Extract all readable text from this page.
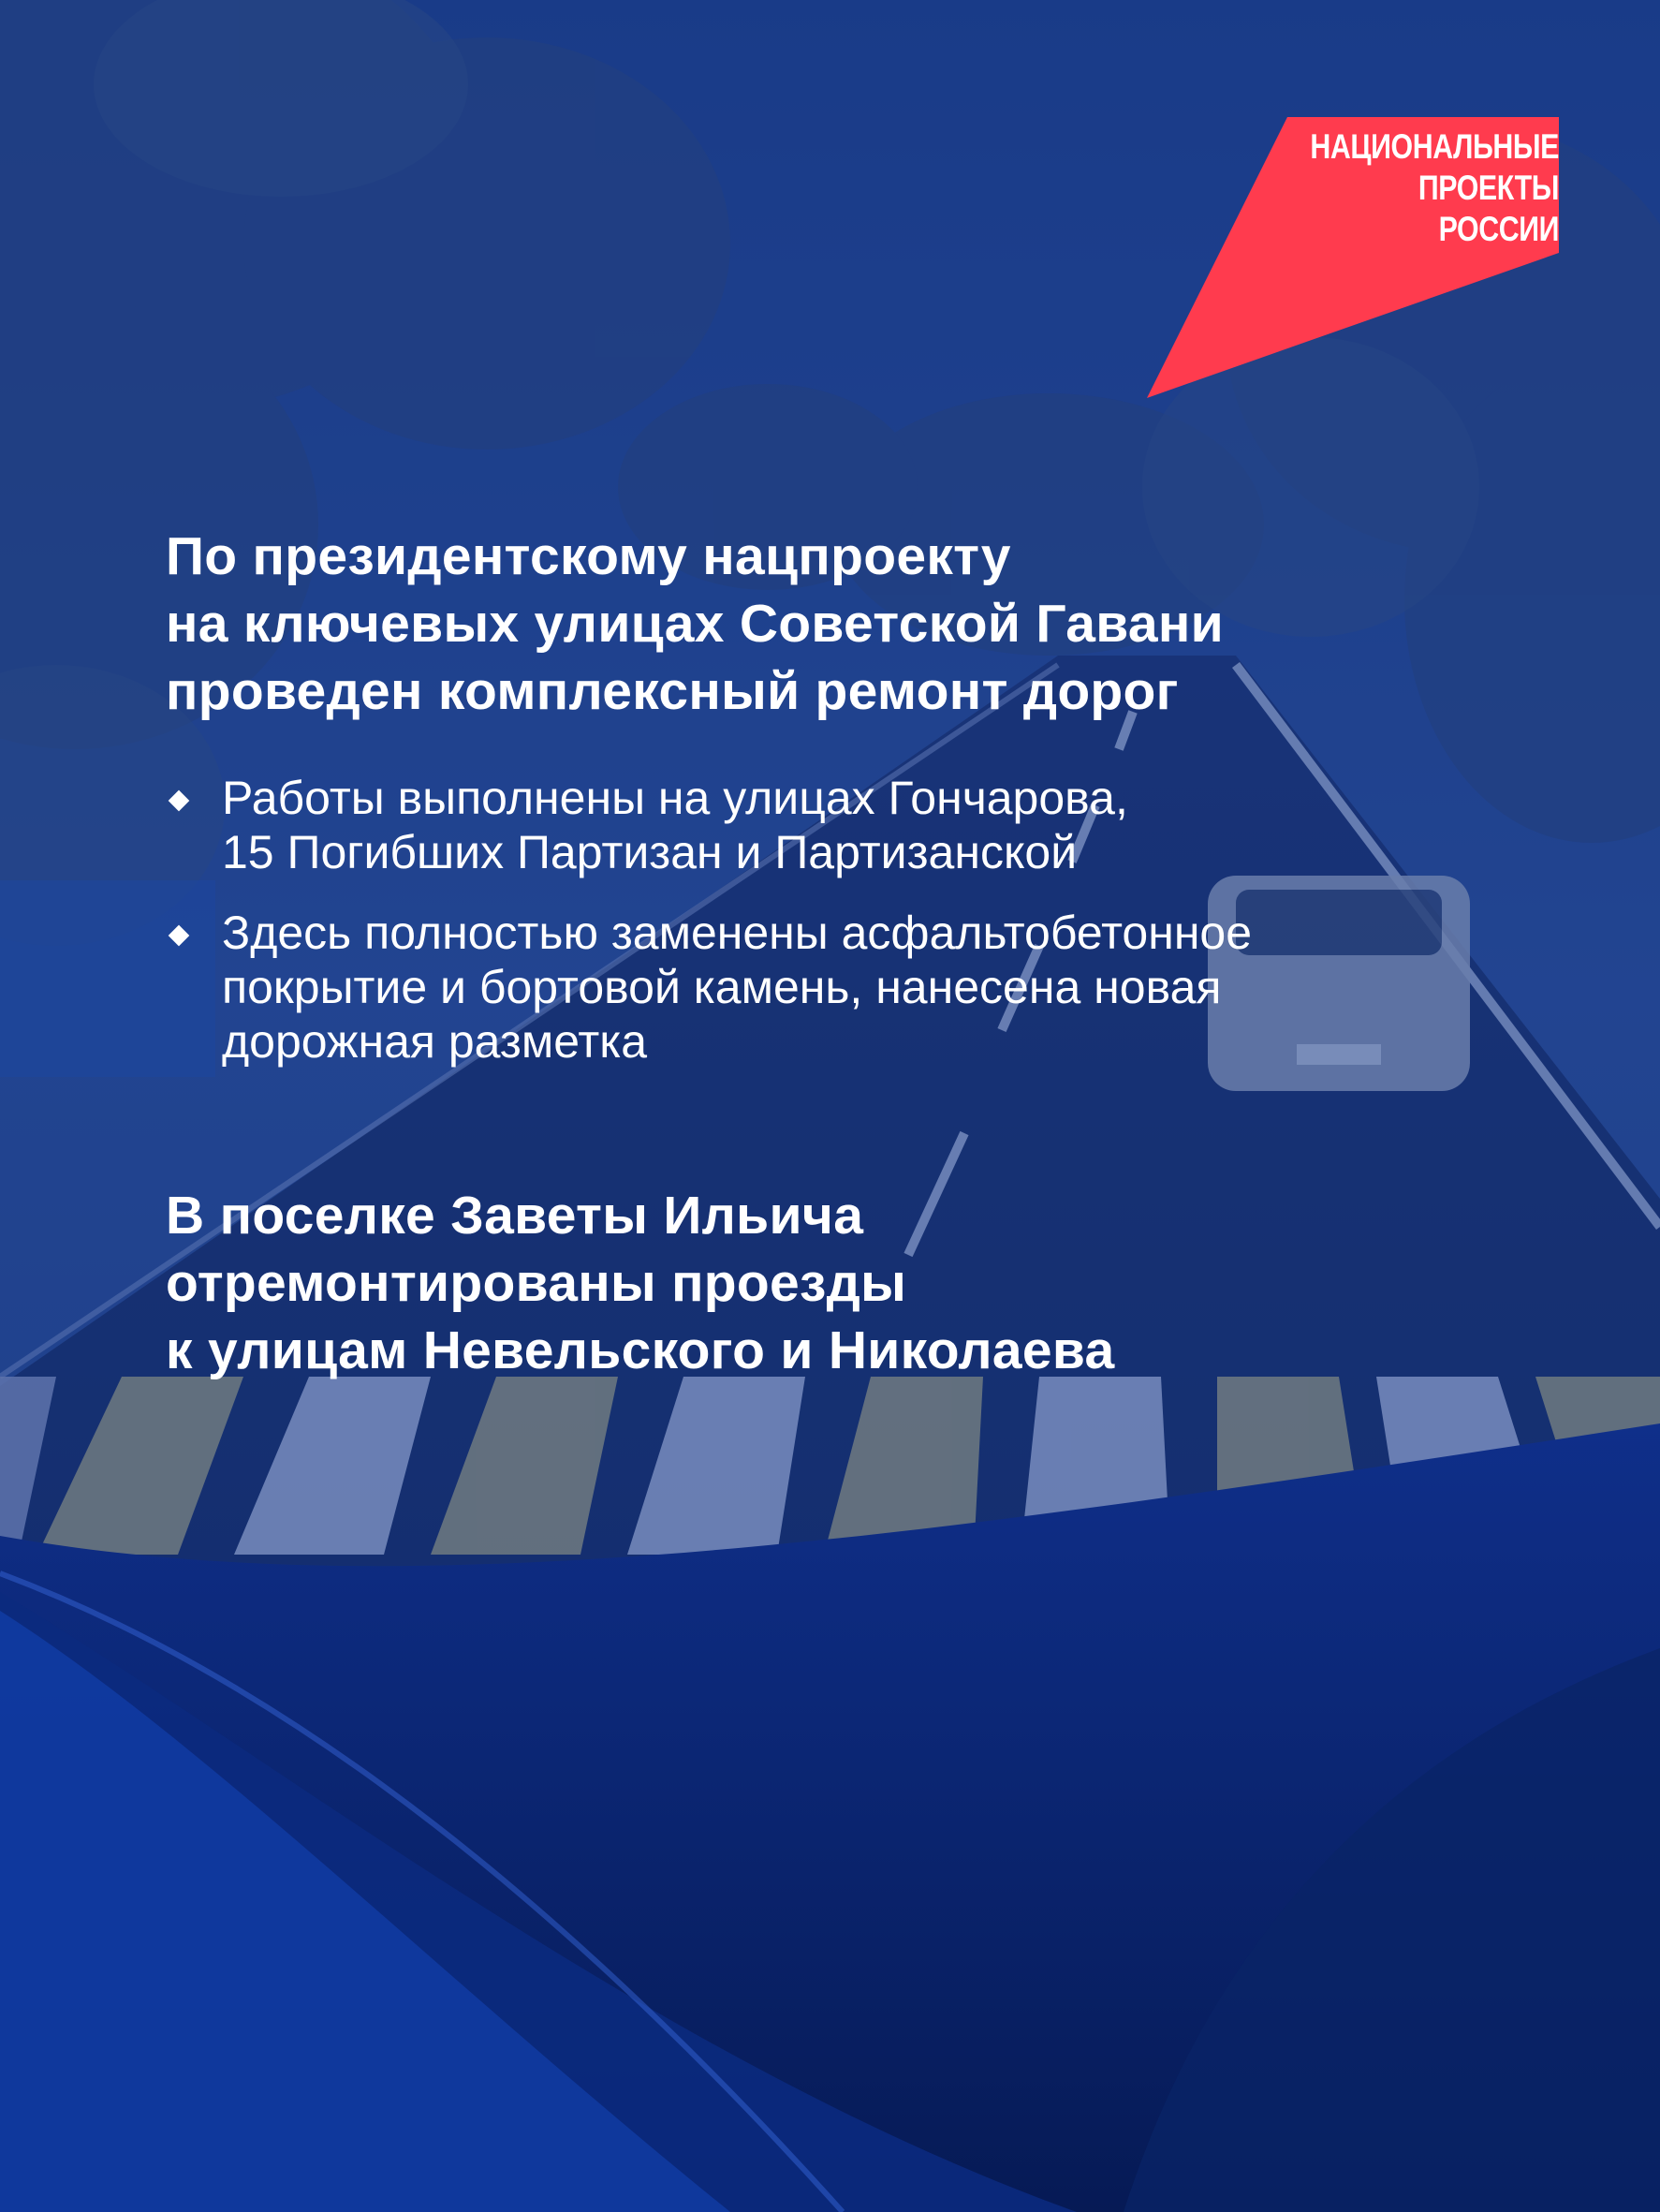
НАЦИОНАЛЬНЫЕ
ПРОЕКТЫ
РОССИИ
По президентскому нацпроекту
на ключевых улицах Советской Гавани
проведен комплексный ремонт дорог
Работы выполнены на улицах Гончарова,
15 Погибших Партизан и Партизанской
Здесь полностью заменены асфальтобетонное
покрытие и бортовой камень, нанесена новая
дорожная разметка
В поселке Заветы Ильича
отремонтированы проезды
к улицам Невельского и Николаева
